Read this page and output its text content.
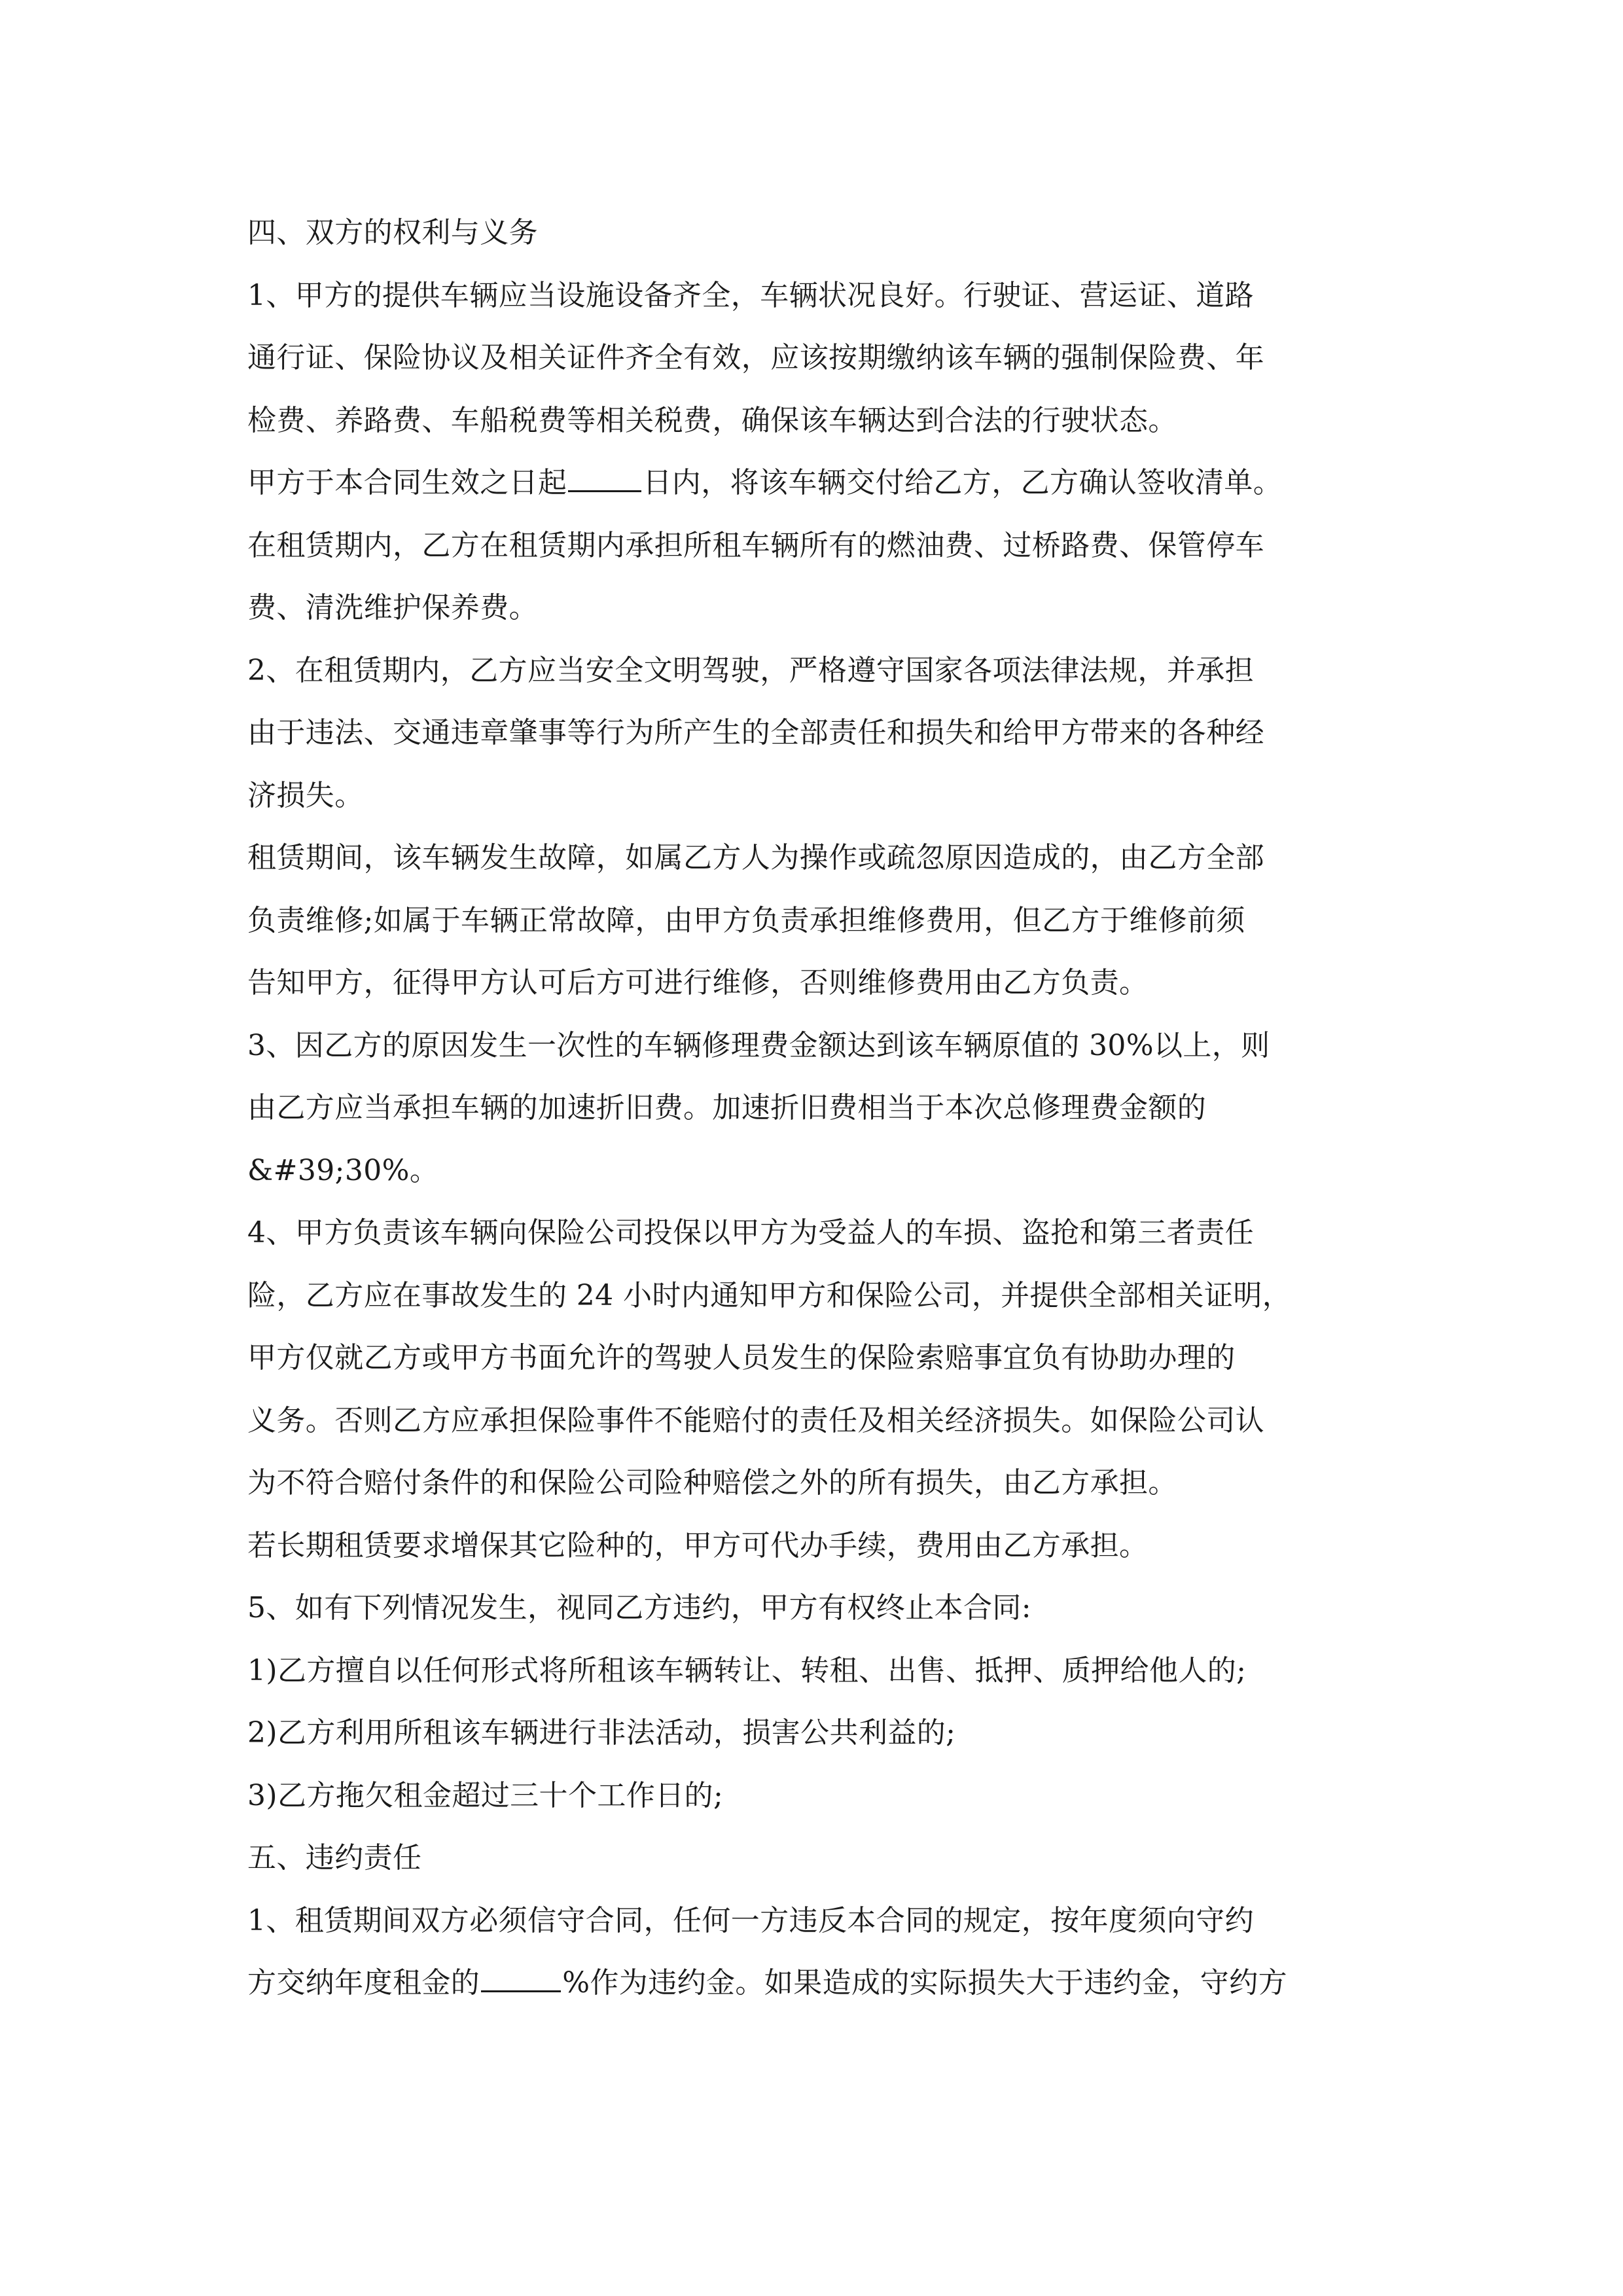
四、双方的权利与义务
1、甲方的提供车辆应当设施设备齐全，车辆状况良好。行驶证、营运证、道路
通行证、保险协议及相关证件齐全有效，应该按期缴纳该车辆的强制保险费、年
检费、养路费、车船税费等相关税费，确保该车辆达到合法的行驶状态。
甲方于本合同生效之日起	日内，将该车辆交付给乙方，乙方确认签收清单。
在租赁期内，乙方在租赁期内承担所租车辆所有的燃油费、过桥路费、保管停车
费、清洗维护保养费。
2、在租赁期内，乙方应当安全文明驾驶，严格遵守国家各项法律法规，并承担
由于违法、交通违章肇事等行为所产生的全部责任和损失和给甲方带来的各种经
济损失。
租赁期间，该车辆发生故障，如属乙方人为操作或疏忽原因造成的，由乙方全部
负责维修;如属于车辆正常故障，由甲方负责承担维修费用，但乙方于维修前须
告知甲方，征得甲方认可后方可进行维修，否则维修费用由乙方负责。
3、因乙方的原因发生一次性的车辆修理费金额达到该车辆原值的 30%以上，则
由乙方应当承担车辆的加速折旧费。加速折旧费相当于本次总修理费金额的
&#39;30%。
4、甲方负责该车辆向保险公司投保以甲方为受益人的车损、盗抢和第三者责任
险，乙方应在事故发生的 24 小时内通知甲方和保险公司，并提供全部相关证明，
甲方仅就乙方或甲方书面允许的驾驶人员发生的保险索赔事宜负有协助办理的
义务。否则乙方应承担保险事件不能赔付的责任及相关经济损失。如保险公司认
为不符合赔付条件的和保险公司险种赔偿之外的所有损失，由乙方承担。
若长期租赁要求增保其它险种的，甲方可代办手续，费用由乙方承担。
5、如有下列情况发生，视同乙方违约，甲方有权终止本合同:
1)乙方擅自以任何形式将所租该车辆转让、转租、出售、抵押、质押给他人的;
2)乙方利用所租该车辆进行非法活动，损害公共利益的;
3)乙方拖欠租金超过三十个工作日的;
五、违约责任
1、租赁期间双方必须信守合同，任何一方违反本合同的规定，按年度须向守约
方交纳年度租金的	%作为违约金。如果造成的实际损失大于违约金，守约方
